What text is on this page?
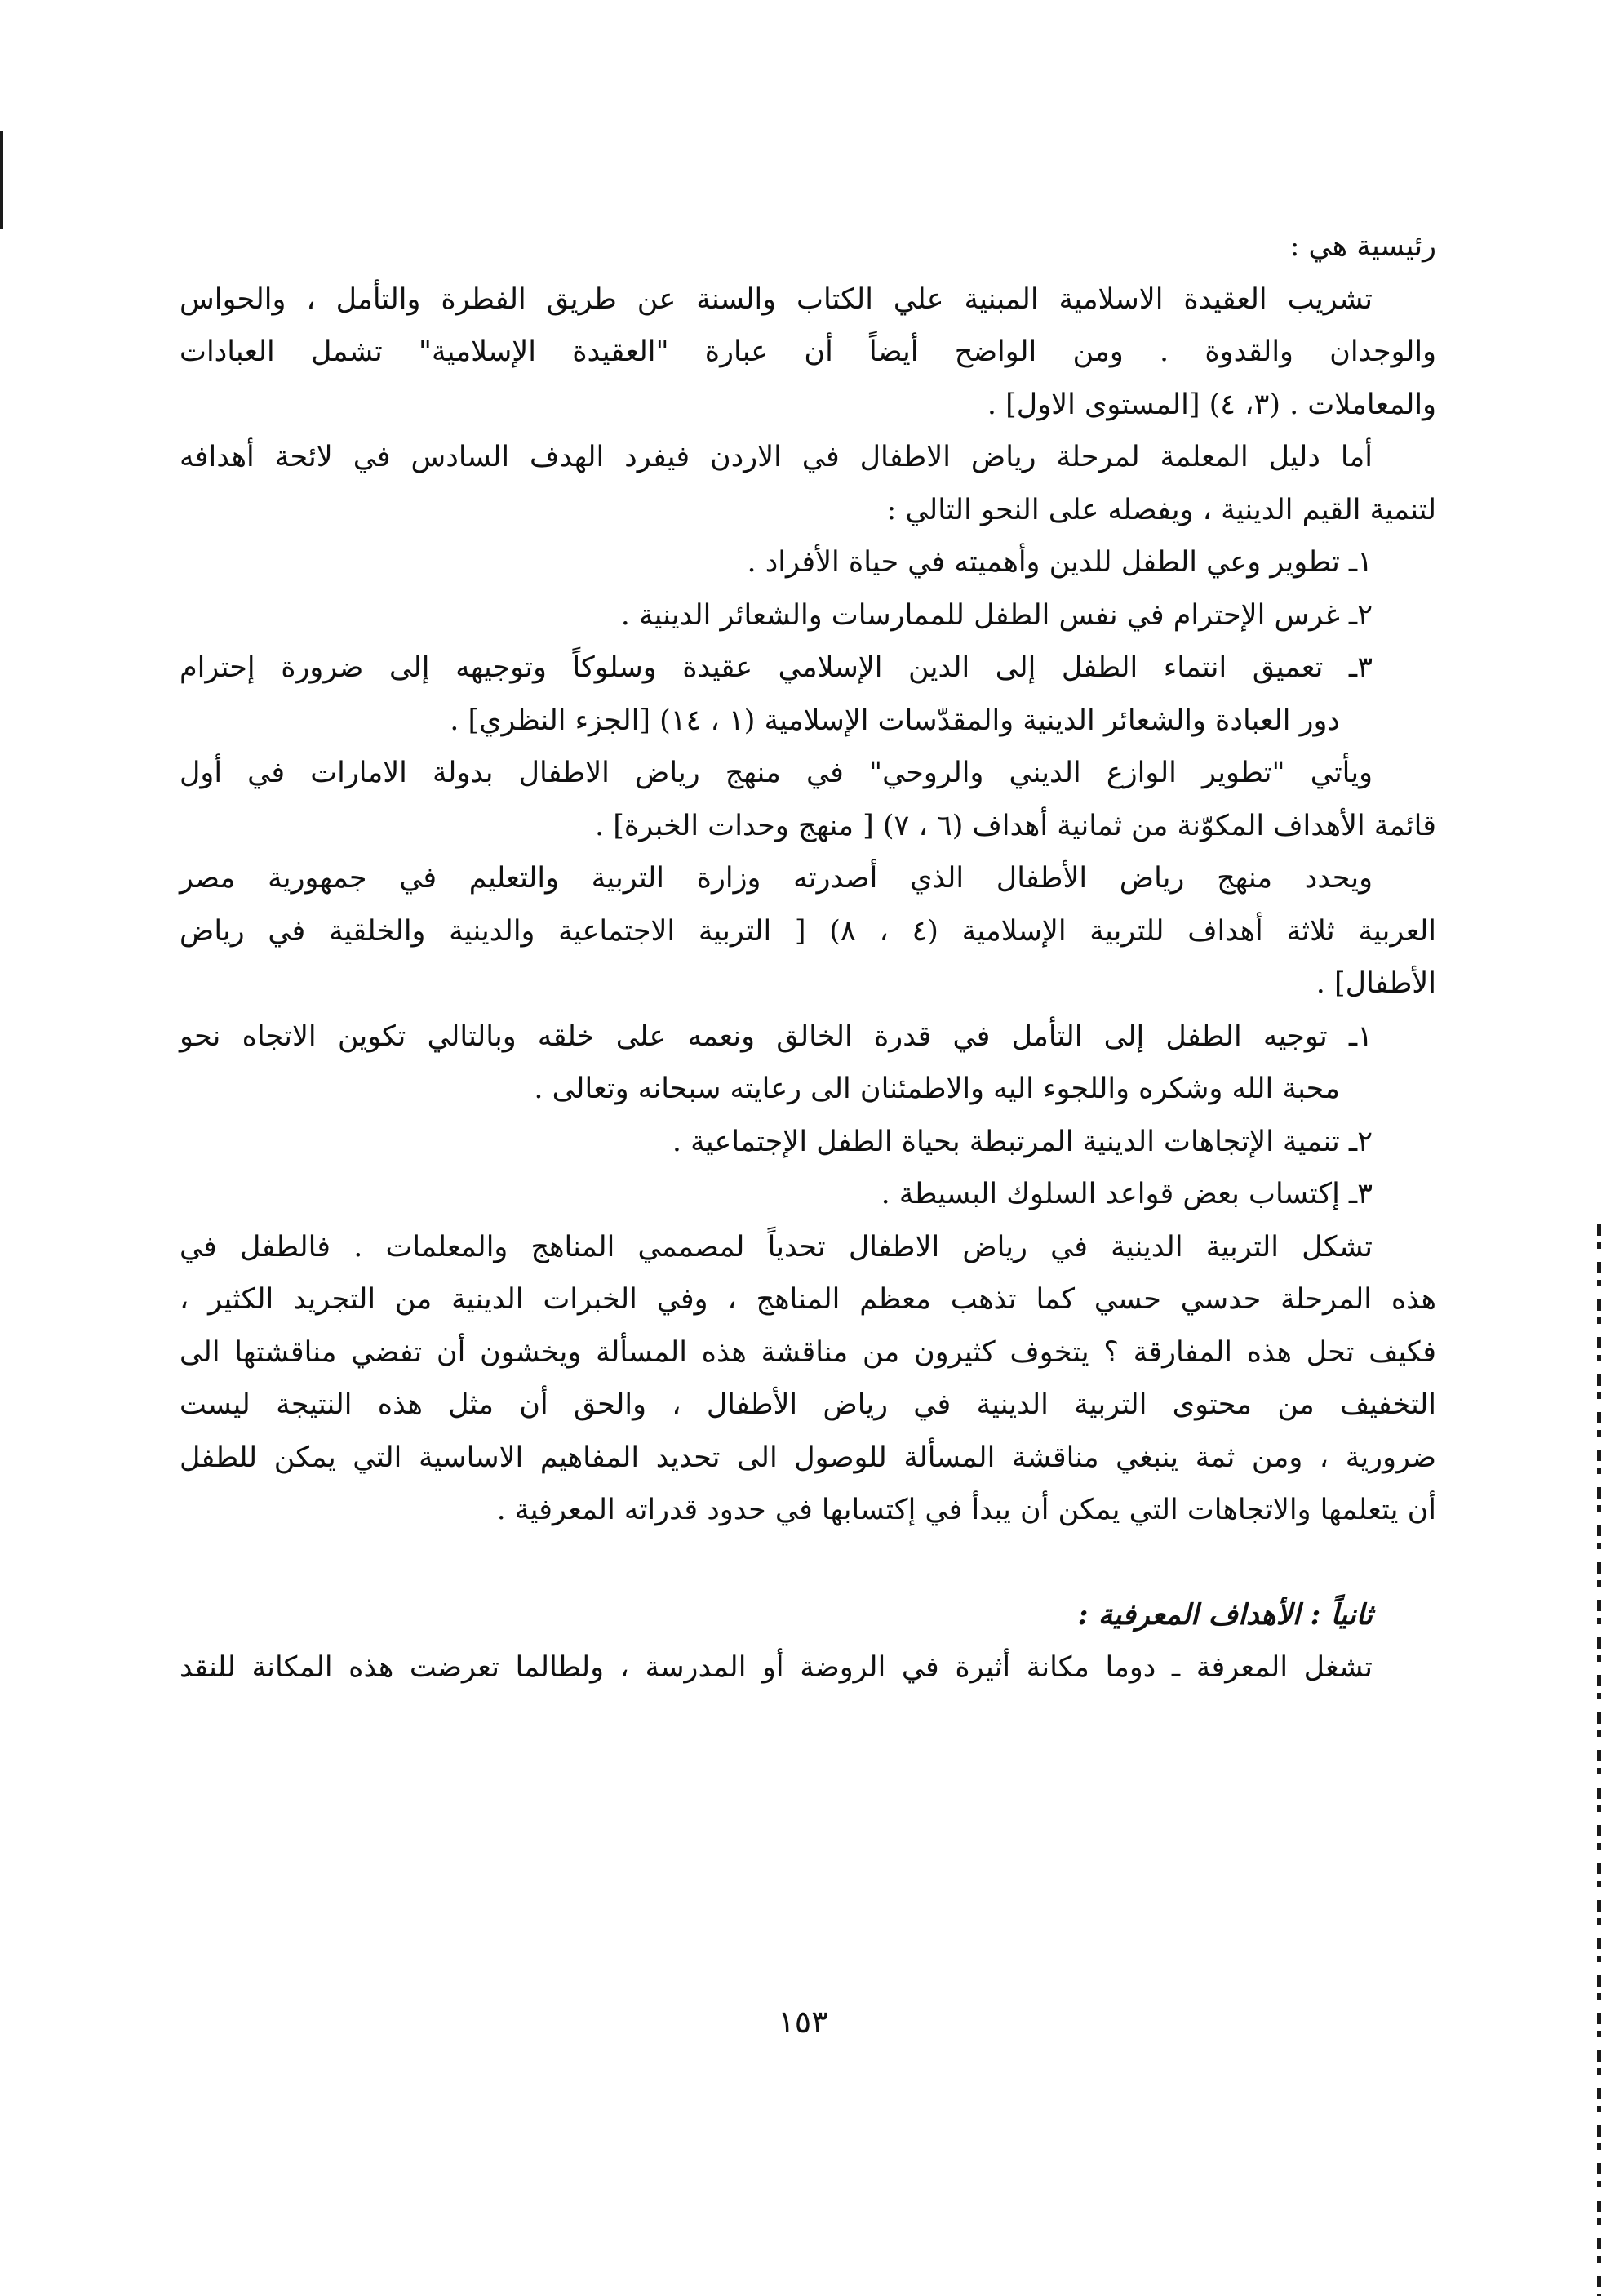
رئيسية هي :
تشريب العقيدة الاسلامية المبنية علي الكتاب والسنة عن طريق الفطرة والتأمل ، والحواس
والوجدان والقدوة . ومن الواضح أيضاً أن عبارة "العقيدة الإسلامية" تشمل العبادات
والمعاملات . (٣، ٤) [المستوى الاول] .
أما دليل المعلمة لمرحلة رياض الاطفال في الاردن فيفرد الهدف السادس في لائحة أهدافه
لتنمية القيم الدينية ، ويفصله على النحو التالي :
١ـ تطوير وعي الطفل للدين وأهميته في حياة الأفراد .
٢ـ غرس الإحترام في نفس الطفل للممارسات والشعائر الدينية .
٣ـ تعميق انتماء الطفل إلى الدين الإسلامي عقيدة وسلوكاً وتوجيهه إلى ضرورة إحترام
دور العبادة والشعائر الدينية والمقدّسات الإسلامية (١ ، ١٤) [الجزء النظري] .
ويأتي "تطوير الوازع الديني والروحي" في منهج رياض الاطفال بدولة الامارات في أول
قائمة الأهداف المكوّنة من ثمانية أهداف (٦ ، ٧) [ منهج وحدات الخبرة] .
ويحدد منهج رياض الأطفال الذي أصدرته وزارة التربية والتعليم في جمهورية مصر
العربية ثلاثة أهداف للتربية الإسلامية (٤ ، ٨) [ التربية الاجتماعية والدينية والخلقية في رياض
الأطفال] .
١ـ توجيه الطفل إلى التأمل في قدرة الخالق ونعمه على خلقه وبالتالي تكوين الاتجاه نحو
محبة الله وشكره واللجوء اليه والاطمئنان الى رعايته سبحانه وتعالى .
٢ـ تنمية الإتجاهات الدينية المرتبطة بحياة الطفل الإجتماعية .
٣ـ إكتساب بعض قواعد السلوك البسيطة .
تشكل التربية الدينية في رياض الاطفال تحدياً لمصممي المناهج والمعلمات . فالطفل في
هذه المرحلة حدسي حسي كما تذهب معظم المناهج ، وفي الخبرات الدينية من التجريد الكثير ،
فكيف تحل هذه المفارقة ؟ يتخوف كثيرون من مناقشة هذه المسألة ويخشون أن تفضي مناقشتها الى
التخفيف من محتوى التربية الدينية في رياض الأطفال ، والحق أن مثل هذه النتيجة ليست
ضرورية ، ومن ثمة ينبغي مناقشة المسألة للوصول الى تحديد المفاهيم الاساسية التي يمكن للطفل
أن يتعلمها والاتجاهات التي يمكن أن يبدأ في إكتسابها في حدود قدراته المعرفية .
ثانياً : الأهداف المعرفية :
تشغل المعرفة ـ دوما مكانة أثيرة في الروضة أو المدرسة ، ولطالما تعرضت هذه المكانة للنقد
١٥٣
